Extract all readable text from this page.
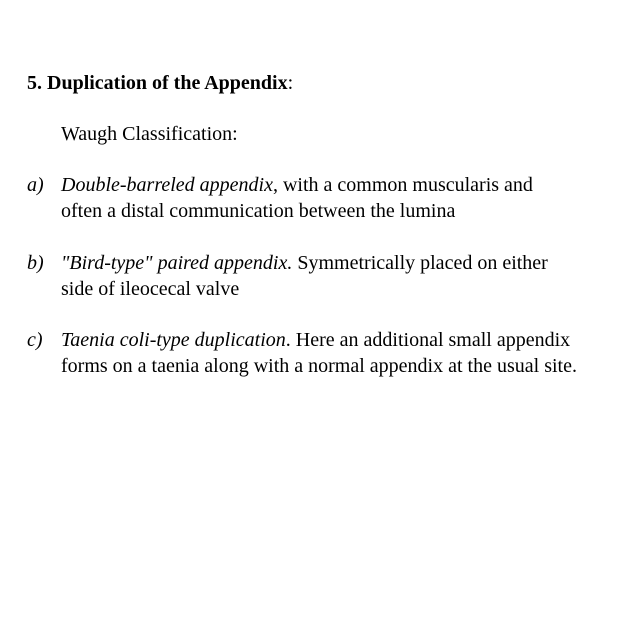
5. Duplication of the Appendix:
Waugh Classification:
a) Double-barreled appendix, with a common muscularis and
often a distal communication between the lumina
b) "Bird-type" paired appendix. Symmetrically placed on either
side of ileocecal valve
c) Taenia coli-type duplication. Here an additional small appendix
forms on a taenia along with a normal appendix at the usual site.
